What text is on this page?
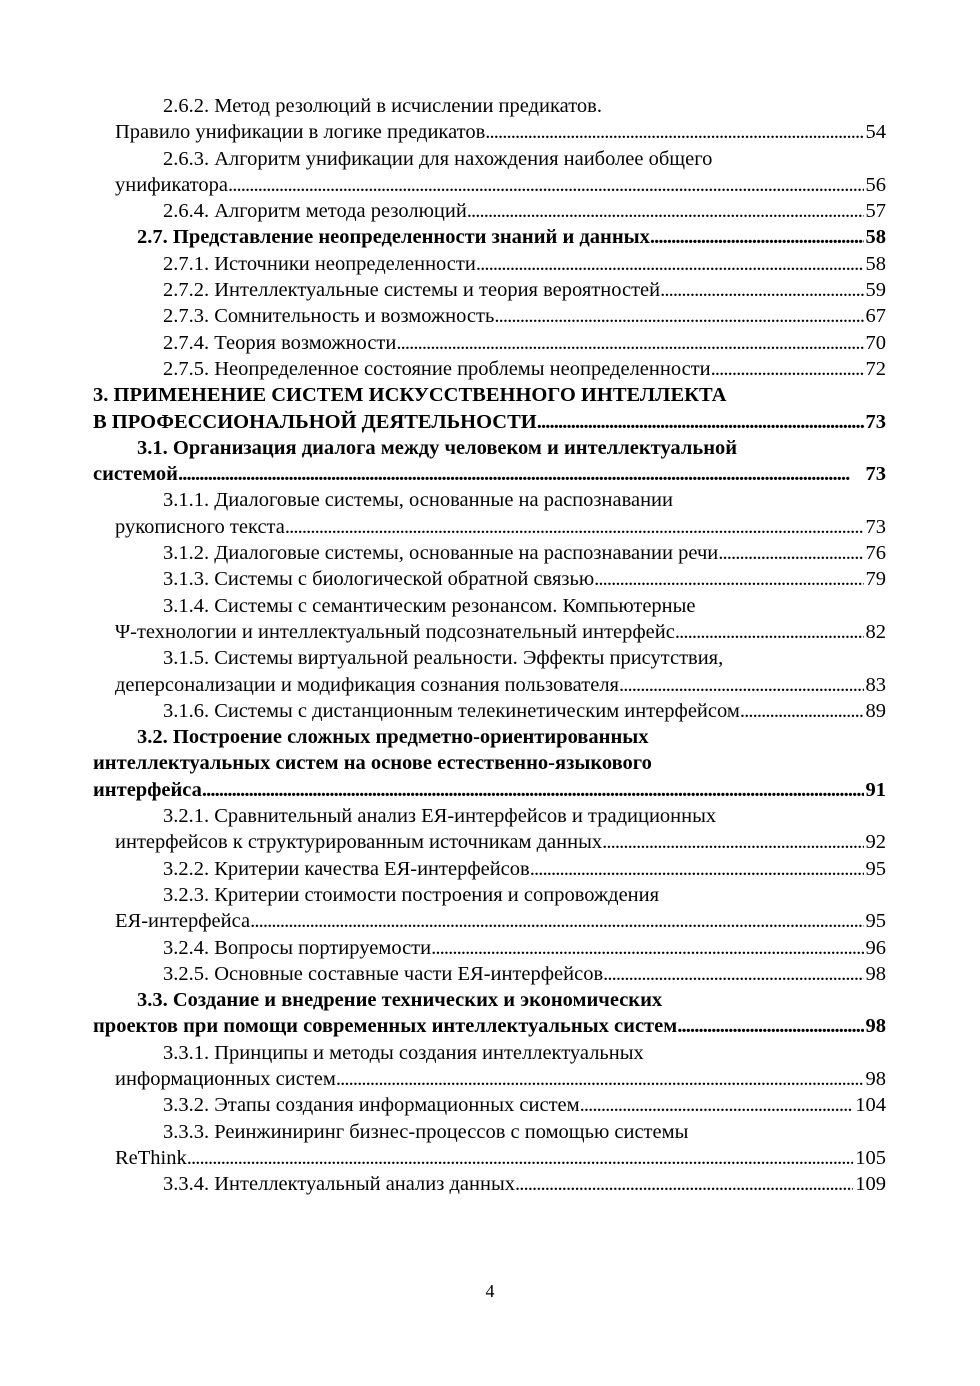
2.6.2. Метод резолюций в исчислении предикатов.
Правило унификации в логике предикатов . . .	54
2.6.3. Алгоритм унификации для нахождения наиболее общего
унификатора . . .	56
2.6.4. Алгоритм метода резолюций . . .	57
2.7. Представление неопределенности знаний и данных . . .	58
2.7.1. Источники неопределенности . . .	58
2.7.2. Интеллектуальные системы и теория вероятностей . . .	59
2.7.3. Сомнительность и возможность . . .	67
2.7.4. Теория возможности . . .	70
2.7.5. Неопределенное состояние проблемы неопределенности . . .	72
3. ПРИМЕНЕНИЕ СИСТЕМ ИСКУССТВЕННОГО ИНТЕЛЛЕКТА
В ПРОФЕССИОНАЛЬНОЙ ДЕЯТЕЛЬНОСТИ . . .	73
3.1. Организация диалога между человеком и интеллектуальной
системой . . .	73
3.1.1. Диалоговые системы, основанные на распознавании
рукописного текста . . .	73
3.1.2. Диалоговые системы, основанные на распознавании речи . . .	76
3.1.3. Системы с биологической обратной связью . . .	79
3.1.4. Системы с семантическим резонансом. Компьютерные
Ψ-технологии и интеллектуальный подсознательный интерфейс . . .	82
3.1.5. Системы виртуальной реальности. Эффекты присутствия,
деперсонализации и модификация сознания пользователя . . .	83
3.1.6. Системы с дистанционным телекинетическим интерфейсом . . .	89
3.2. Построение сложных предметно-ориентированных
интеллектуальных систем на основе естественно-языкового
интерфейса . . .	91
3.2.1. Сравнительный анализ ЕЯ-интерфейсов и традиционных
интерфейсов к структурированным источникам данных . . .	92
3.2.2. Критерии качества ЕЯ-интерфейсов . . .	95
3.2.3. Критерии стоимости построения и сопровождения
ЕЯ-интерфейса . . .	95
3.2.4. Вопросы портируемости . . .	96
3.2.5. Основные составные части ЕЯ-интерфейсов . . .	98
3.3. Создание и внедрение технических и экономических
проектов при помощи современных интеллектуальных систем . . .	98
3.3.1. Принципы и методы создания интеллектуальных
информационных систем . . .	98
3.3.2. Этапы создания информационных систем . . .	104
3.3.3. Реинжиниринг бизнес-процессов с помощью системы
ReThink . . .	105
3.3.4. Интеллектуальный анализ данных . . .	109
4
